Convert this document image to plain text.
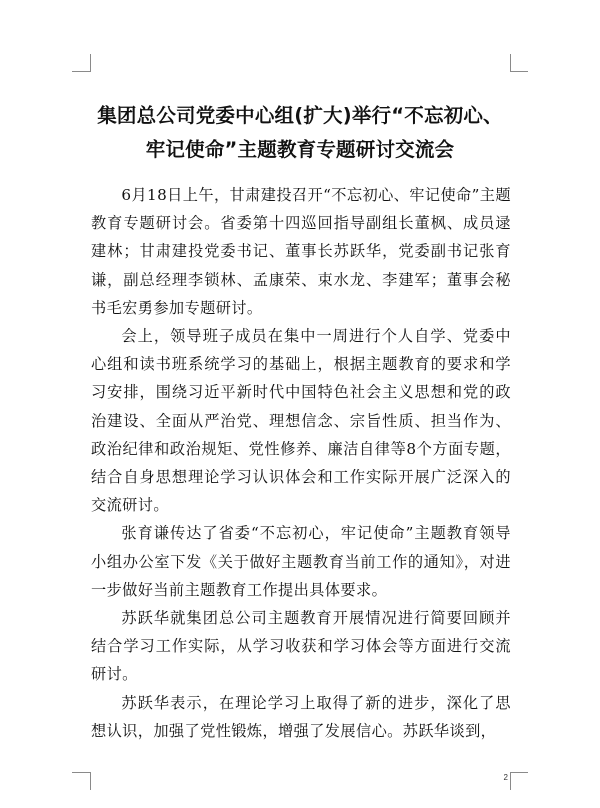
集团总公司党委中心组(扩大)举行“不忘初心、
牢记使命”主题教育专题研讨交流会

6月18日上午，甘肃建投召开“不忘初心、牢记使命”主题教育专题研讨会。省委第十四巡回指导副组长董枫、成员逯建林；甘肃建投党委书记、董事长苏跃华，党委副书记张育谦，副总经理李锁林、孟康荣、束水龙、李建军；董事会秘书毛宏勇参加专题研讨。

会上，领导班子成员在集中一周进行个人自学、党委中心组和读书班系统学习的基础上，根据主题教育的要求和学习安排，围绕习近平新时代中国特色社会主义思想和党的政治建设、全面从严治党、理想信念、宗旨性质、担当作为、政治纪律和政治规矩、党性修养、廉洁自律等8个方面专题，结合自身思想理论学习认识体会和工作实际开展广泛深入的交流研讨。

张育谦传达了省委“不忘初心，牢记使命”主题教育领导小组办公室下发《关于做好主题教育当前工作的通知》，对进一步做好当前主题教育工作提出具体要求。

苏跃华就集团总公司主题教育开展情况进行简要回顾并结合学习工作实际，从学习收获和学习体会等方面进行交流研讨。

苏跃华表示，在理论学习上取得了新的进步，深化了思想认识，加强了党性锻炼，增强了发展信心。苏跃华谈到，

2
